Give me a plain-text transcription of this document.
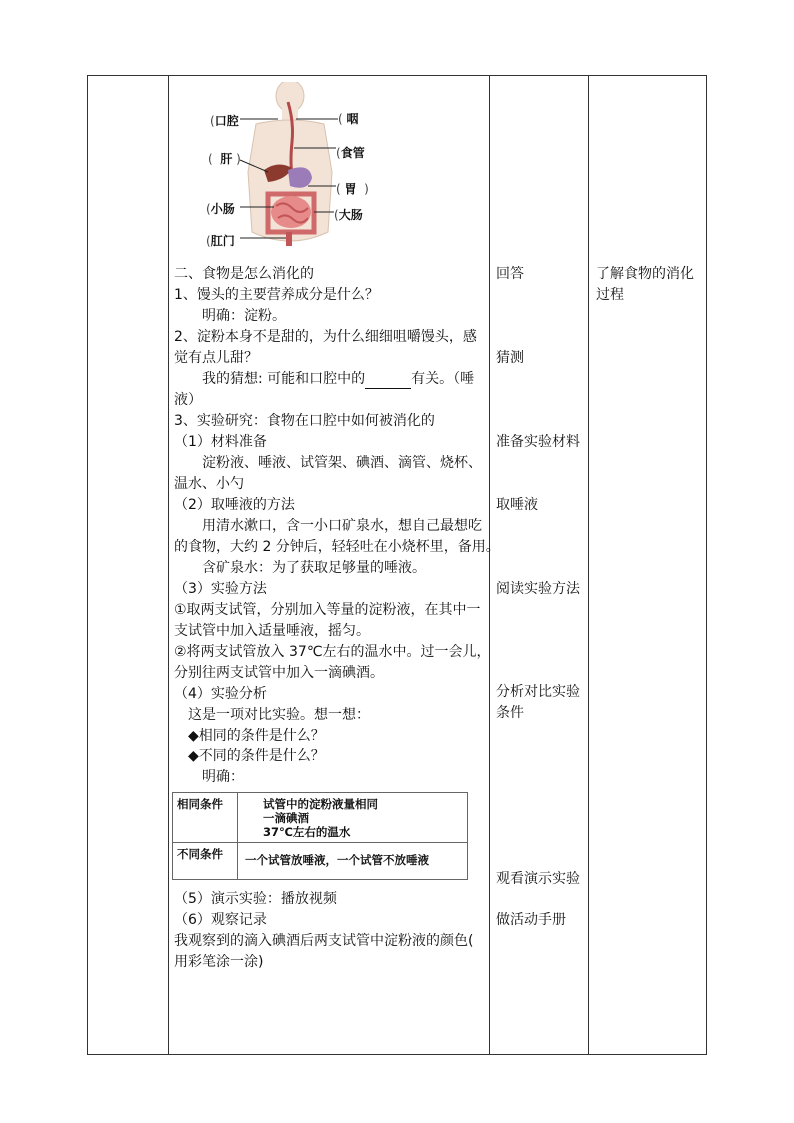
(口腔	( 咽
(  肝 )	(食管
( 胃  )
(小肠	(大肠
(肛门
二、食物是怎么消化的
1、馒头的主要营养成分是什么？
明确：淀粉。
2、淀粉本身不是甜的，为什么细细咀嚼馒头，感
觉有点儿甜？
我的猜想: 可能和口腔中的	有关。（唾
液）
3、实验研究：食物在口腔中如何被消化的
（1）材料准备
淀粉液、唾液、试管架、碘酒、滴管、烧杯、
温水、小勺
（2）取唾液的方法
用清水漱口，含一小口矿泉水，想自己最想吃
的食物，大约 2 分钟后，轻轻吐在小烧杯里，备用。
含矿泉水：为了获取足够量的唾液。
（3）实验方法
①取两支试管，分别加入等量的淀粉液，在其中一
支试管中加入适量唾液，摇匀。
②将两支试管放入 37℃左右的温水中。过一会儿，
分别往两支试管中加入一滴碘酒。
（4）实验分析
这是一项对比实验。想一想：
◆相同的条件是什么？
◆不同的条件是什么？
明确：
相同条件	试管中的淀粉液量相同
一滴碘酒
37℃左右的温水
不同条件 一个试管放唾液，一个试管不放唾液
（5）演示实验：播放视频
（6）观察记录
我观察到的滴入碘酒后两支试管中淀粉液的颜色(
用彩笔涂一涂)
回答
猜测
准备实验材料
取唾液
阅读实验方法
分析对比实验
条件
观看演示实验
做活动手册
了解食物的消化
过程
